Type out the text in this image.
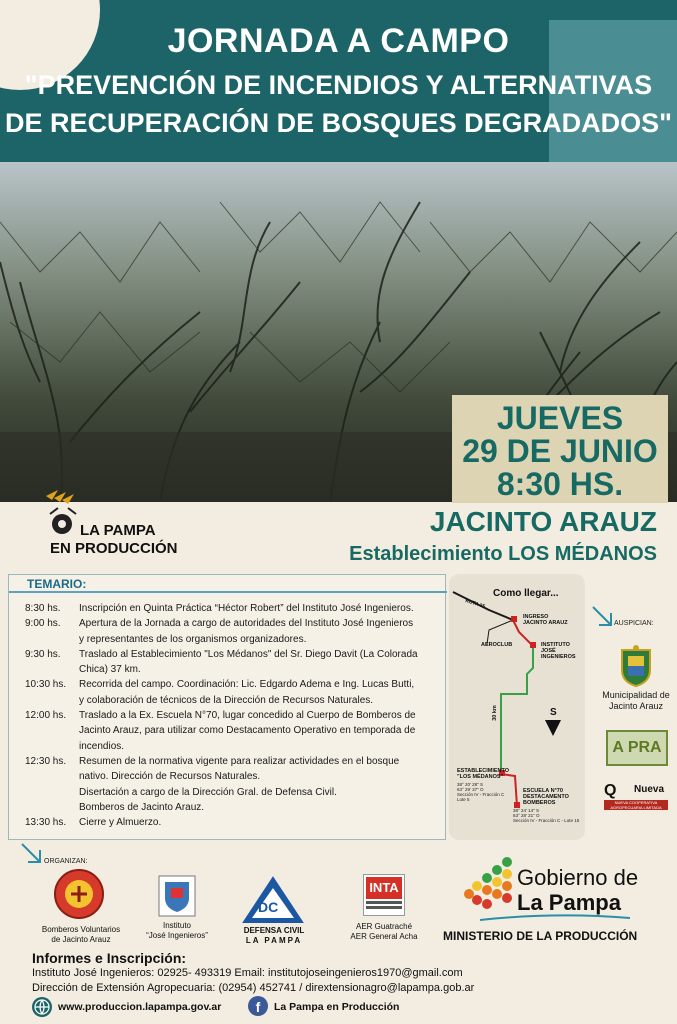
JORNADA A CAMPO
"PREVENCIÓN DE INCENDIOS Y ALTERNATIVAS
DE RECUPERACIÓN DE BOSQUES DEGRADADOS"
JUEVES
29 DE JUNIO
8:30 HS.
JACINTO ARAUZ
Establecimiento LOS MÉDANOS
LA PAMPA
EN PRODUCCIÓN
TEMARIO:
8:30 hs.	Inscripción en Quinta Práctica “Héctor Robert” del Instituto José Ingenieros.
9:00 hs.	Apertura de la Jornada a cargo de autoridades del Instituto José Ingenieros
y representantes de los organismos organizadores.
9:30 hs.	Traslado al Establecimiento "Los Médanos" del Sr. Diego Davit (La Colorada
Chica) 37 km.
10:30 hs.	Recorrida del campo. Coordinación: Lic. Edgardo Adema e Ing. Lucas Butti,
y colaboración de técnicos de la Dirección de Recursos Naturales.
12:00 hs.	Traslado a la Ex. Escuela N°70, lugar concedido al Cuerpo de Bomberos de
Jacinto Arauz, para utilizar como Destacamento Operativo en temporada de
incendios.
12:30 hs.	Resumen de la normativa vigente para realizar actividades en el bosque
nativo. Dirección de Recursos Naturales.
Disertación a cargo de la Dirección Gral. de Defensa Civil.
Bomberos de Jacinto Arauz.
13:30 hs.	Cierre y Almuerzo.
Como llegar...
RUTA 35
INGRESO
JACINTO ARAUZ
AEROCLUB	INSTITUTO
JOSÉ
INGENIEROS
30 km	S
ESTABLECIMIENTO
"LOS MÉDANOS"
38° 20' 28" S
63° 29' 37" O
Sección IV - Fracción C
Lote 5
ESCUELA N°70
DESTACAMENTO
BOMBEROS
38° 24' 14" S
63° 28' 21" O
Sección IV - Fracción C - Lote 15
AUSPICIAN:
Municipalidad de Jacinto Arauz
A PRA
Q Nueva
NUEVA COOPERATIVA AGROPECUARIA LIMITADA
ORGANIZAN:
Bomberos Voluntarios
de Jacinto Arauz
Instituto
“José Ingenieros”
DC
DEFENSA CIVIL
LA PAMPA
INTA
AER Guatraché
AER General Acha
Gobierno de
La Pampa
MINISTERIO DE LA PRODUCCIÓN
Informes e Inscripción:
Instituto José Ingenieros: 02925- 493319 Email: institutojoseingenieros1970@gmail.com
Dirección de Extensión Agropecuaria: (02954) 452741 / dirextensionagro@lapampa.gob.ar
www.produccion.lapampa.gov.ar	f	La Pampa en Producción
